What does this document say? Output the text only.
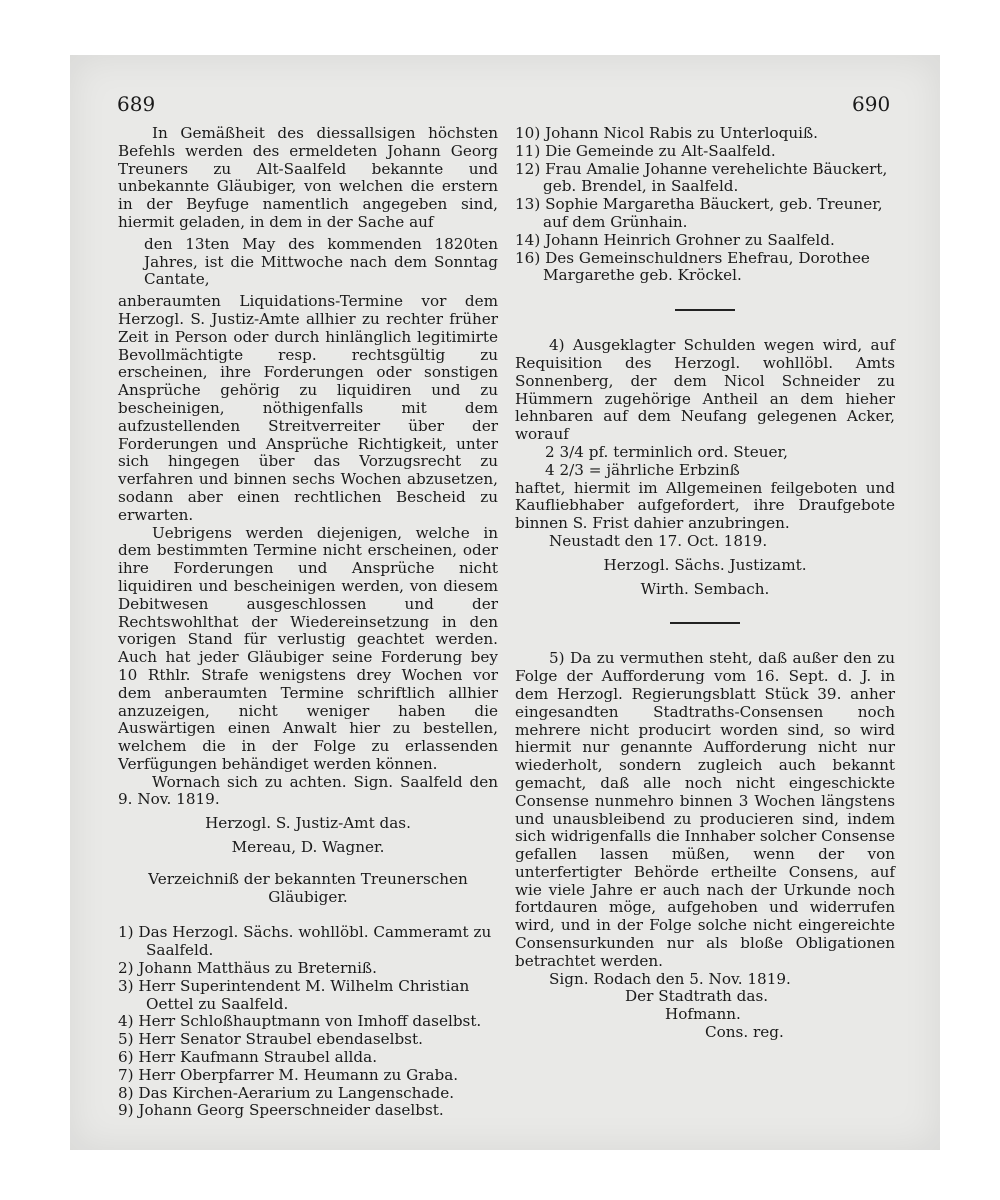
689	690

In Gemäßheit des diessallsigen höchsten Befehls werden des ermeldeten Johann Georg Treuners zu Alt-Saalfeld bekannte und unbekannte Gläubiger, von welchen die erstern in der Beyfuge namentlich angegeben sind, hiermit geladen, in dem in der Sache auf

den 13ten May des kommenden 1820ten Jahres, ist die Mittwoche nach dem Sonntag Cantate,

anberaumten Liquidations-Termine vor dem Herzogl. S. Justiz-Amte allhier zu rechter früher Zeit in Person oder durch hinlänglich legitimirte Bevollmächtigte resp. rechtsgültig zu erscheinen, ihre Forderungen oder sonstigen Ansprüche gehörig zu liquidiren und zu bescheinigen, nöthigenfalls mit dem aufzustellenden Streitverreiter über der Forderungen und Ansprüche Richtigkeit, unter sich hingegen über das Vorzugsrecht zu verfahren und binnen sechs Wochen abzusetzen, sodann aber einen rechtlichen Bescheid zu erwarten.

Uebrigens werden diejenigen, welche in dem bestimmten Termine nicht erscheinen, oder ihre Forderungen und Ansprüche nicht liquidiren und bescheinigen werden, von diesem Debitwesen ausgeschlossen und der Rechtswohlthat der Wiedereinsetzung in den vorigen Stand für verlustig geachtet werden. Auch hat jeder Gläubiger seine Forderung bey 10 Rthlr. Strafe wenigstens drey Wochen vor dem anberaumten Termine schriftlich allhier anzuzeigen, nicht weniger haben die Auswärtigen einen Anwalt hier zu bestellen, welchem die in der Folge zu erlassenden Verfügungen behändiget werden können.

Wornach sich zu achten. Sign. Saalfeld den 9. Nov. 1819.

Herzogl. S. Justiz-Amt das.

Mereau, D. Wagner.

Verzeichniß der bekannten Treunerschen Gläubiger.

1) Das Herzogl. Sächs. wohllöbl. Cammeramt zu Saalfeld.
2) Johann Matthäus zu Breterniß.
3) Herr Superintendent M. Wilhelm Christian Oettel zu Saalfeld.
4) Herr Schloßhauptmann von Imhoff daselbst.
5) Herr Senator Straubel ebendaselbst.
6) Herr Kaufmann Straubel allda.
7) Herr Oberpfarrer M. Heumann zu Graba.
8) Das Kirchen-Aerarium zu Langenschade.
9) Johann Georg Speerschneider daselbst.
10) Johann Nicol Rabis zu Unterloquiß.
11) Die Gemeinde zu Alt-Saalfeld.
12) Frau Amalie Johanne verehelichte Bäuckert, geb. Brendel, in Saalfeld.
13) Sophie Margaretha Bäuckert, geb. Treuner, auf dem Grünhain.
14) Johann Heinrich Grohner zu Saalfeld.
16) Des Gemeinschuldners Ehefrau, Dorothee Margarethe geb. Kröckel.

4) Ausgeklagter Schulden wegen wird, auf Requisition des Herzogl. wohllöbl. Amts Sonnenberg, der dem Nicol Schneider zu Hümmern zugehörige Antheil an dem hieher lehnbaren auf dem Neufang gelegenen Acker, worauf

2 3/4 pf. terminlich ord. Steuer,

4 2/3 = jährliche Erbzinß

haftet, hiermit im Allgemeinen feilgeboten und Kaufliebhaber aufgefordert, ihre Draufgebote binnen S. Frist dahier anzubringen.

Neustadt den 17. Oct. 1819.

Herzogl. Sächs. Justizamt.

Wirth. Sembach.

5) Da zu vermuthen steht, daß außer den zu Folge der Aufforderung vom 16. Sept. d. J. in dem Herzogl. Regierungsblatt Stück 39. anher eingesandten Stadtraths-Consensen noch mehrere nicht producirt worden sind, so wird hiermit nur genannte Aufforderung nicht nur wiederholt, sondern zugleich auch bekannt gemacht, daß alle noch nicht eingeschickte Consense nunmehro binnen 3 Wochen längstens und unausbleibend zu producieren sind, indem sich widrigenfalls die Innhaber solcher Consense gefallen lassen müßen, wenn der von unterfertigter Behörde ertheilte Consens, auf wie viele Jahre er auch nach der Urkunde noch fortdauren möge, aufgehoben und widerrufen wird, und in der Folge solche nicht eingereichte Consensurkunden nur als bloße Obligationen betrachtet werden.

Sign. Rodach den 5. Nov. 1819.

Der Stadtrath das.

Hofmann.

Cons. reg.
